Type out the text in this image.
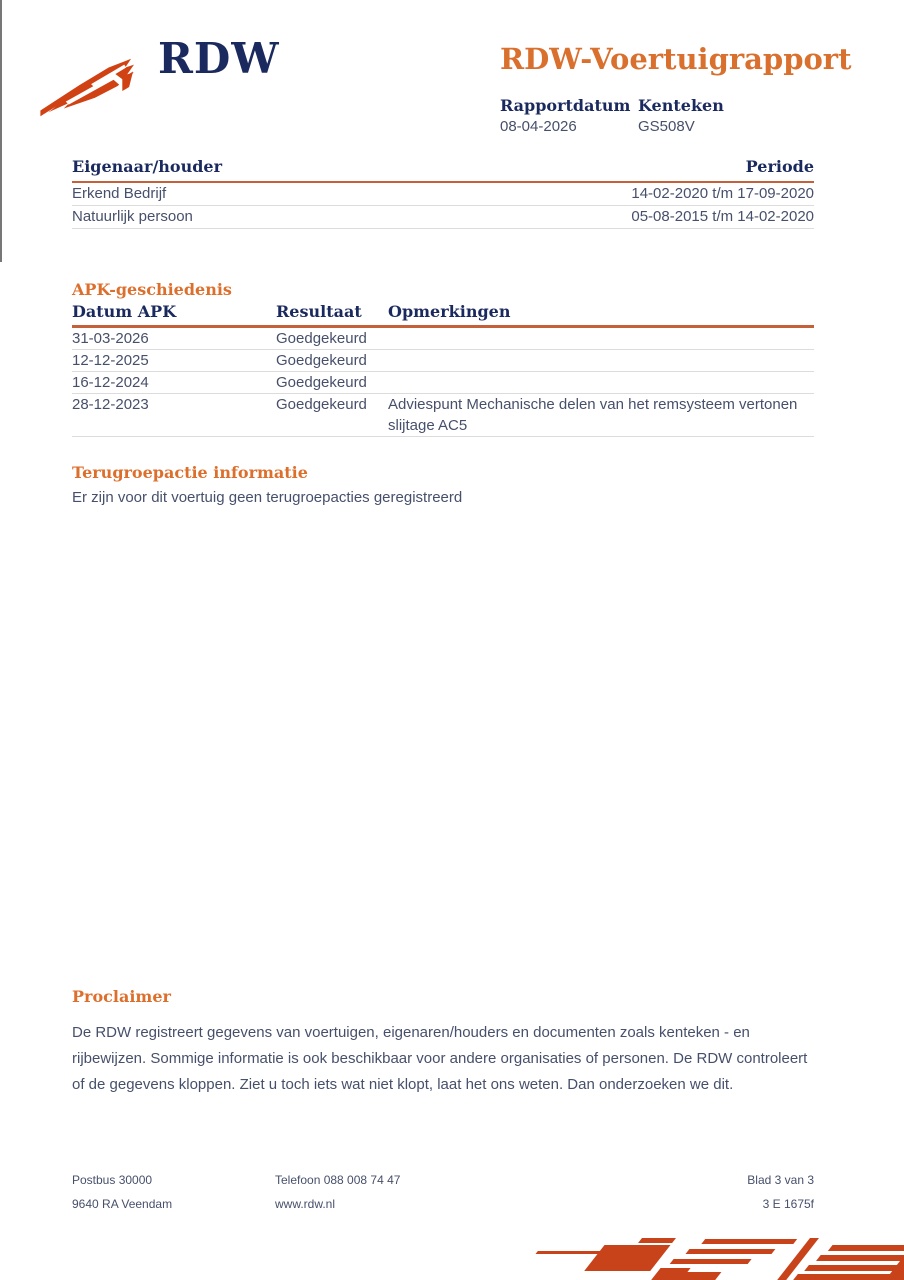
RDW	RDW-Voertuigrapport
Rapportdatum
08-04-2026
Kenteken
GS508V
Eigenaar/houder	Periode
Erkend Bedrijf	14-02-2020 t/m 17-09-2020
Natuurlijk persoon	05-08-2015 t/m 14-02-2020
APK-geschiedenis
Datum APK	Resultaat	Opmerkingen
31-03-2026	Goedgekeurd
12-12-2025	Goedgekeurd
16-12-2024	Goedgekeurd
28-12-2023	Goedgekeurd	Adviespunt Mechanische delen van het remsysteem vertonen slijtage AC5
Terugroepactie informatie
Er zijn voor dit voertuig geen terugroepacties geregistreerd
Proclaimer
De RDW registreert gegevens van voertuigen, eigenaren/houders en documenten zoals kenteken - en rijbewijzen. Sommige informatie is ook beschikbaar voor andere organisaties of personen. De RDW controleert of de gegevens kloppen. Ziet u toch iets wat niet klopt, laat het ons weten. Dan onderzoeken we dit.
Postbus 30000
9640 RA Veendam
Telefoon 088 008 74 47
www.rdw.nl
Blad 3 van 3
3 E 1675f
